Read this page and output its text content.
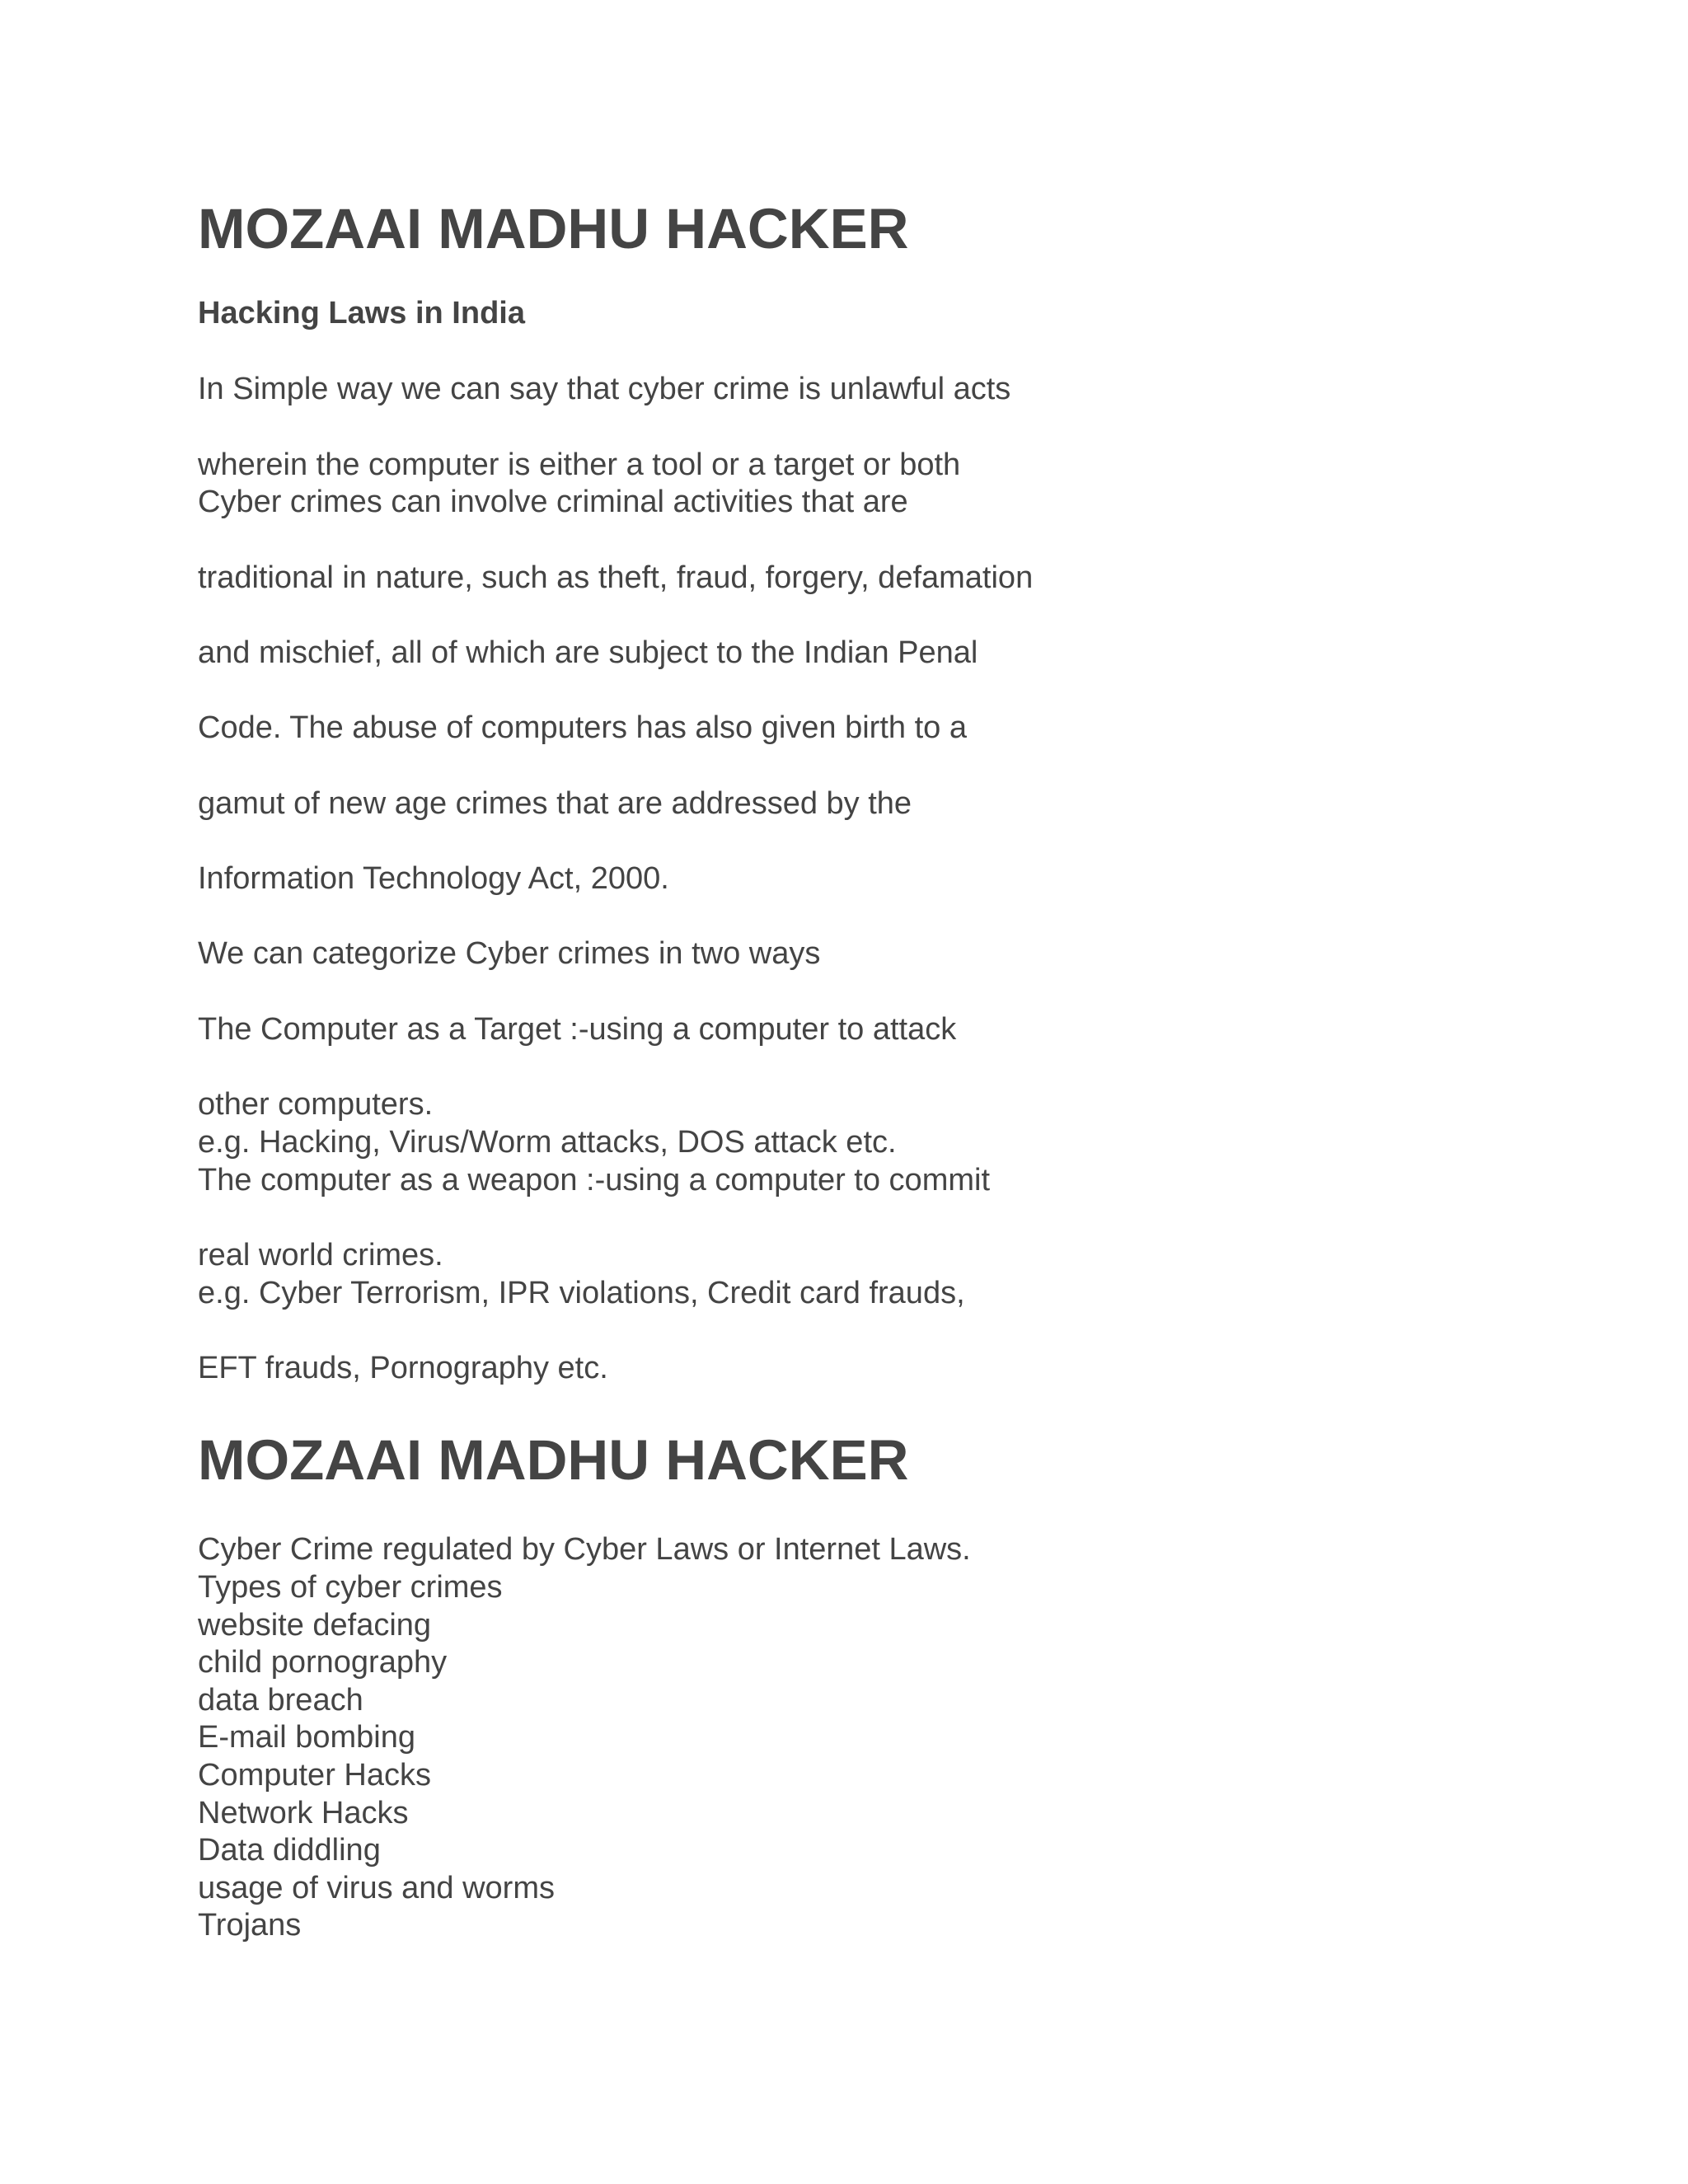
MOZAAI MADHU HACKER
Hacking Laws in India
In Simple way we can say that cyber crime is unlawful acts
wherein the computer is either a tool or a target or both
Cyber crimes can involve criminal activities that are
traditional in nature, such as theft, fraud, forgery, defamation
and mischief, all of which are subject to the Indian Penal
Code. The abuse of computers has also given birth to a
gamut of new age crimes that are addressed by the
Information Technology Act, 2000.
We can categorize Cyber crimes in two ways
The Computer as a Target :-using a computer to attack
other computers.
e.g. Hacking, Virus/Worm attacks, DOS attack etc.
The computer as a weapon :-using a computer to commit
real world crimes.
e.g. Cyber Terrorism, IPR violations, Credit card frauds,
EFT frauds, Pornography etc.
MOZAAI MADHU HACKER
Cyber Crime regulated by Cyber Laws or Internet Laws.
Types of cyber crimes
website defacing
child pornography
data breach
E-mail bombing
Computer Hacks
Network Hacks
Data diddling
usage of virus and worms
Trojans
